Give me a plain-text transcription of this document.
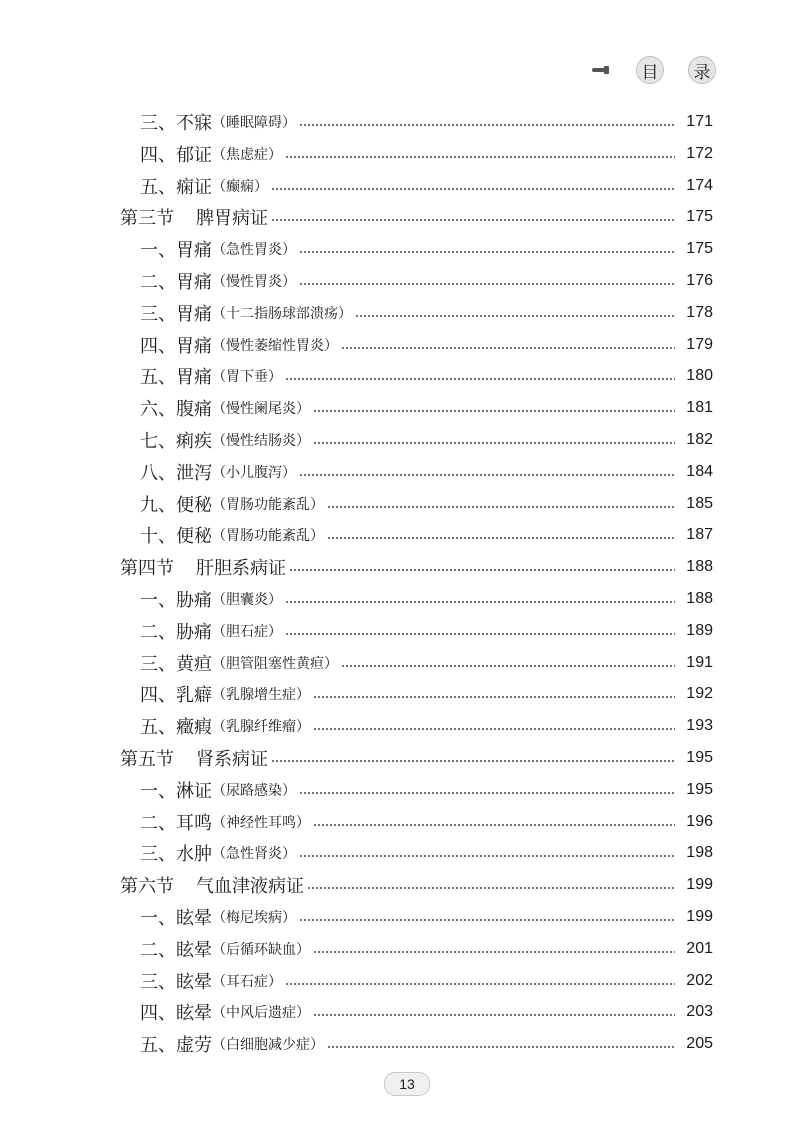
目	录
三、不寐 （睡眠障碍）	171
四、郁证 （焦虑症）	172
五、痫证 （癫痫）	174
第三节 脾胃病证	175
一、胃痛 （急性胃炎）	175
二、胃痛 （慢性胃炎）	176
三、胃痛 （十二指肠球部溃疡）	178
四、胃痛 （慢性萎缩性胃炎）	179
五、胃痛 （胃下垂）	180
六、腹痛 （慢性阑尾炎）	181
七、痢疾 （慢性结肠炎）	182
八、泄泻 （小儿腹泻）	184
九、便秘 （胃肠功能紊乱）	185
十、便秘 （胃肠功能紊乱）	187
第四节 肝胆系病证	188
一、胁痛 （胆囊炎）	188
二、胁痛 （胆石症）	189
三、黄疸 （胆管阻塞性黄疸）	191
四、乳癖 （乳腺增生症）	192
五、癥瘕 （乳腺纤维瘤）	193
第五节 肾系病证	195
一、淋证 （尿路感染）	195
二、耳鸣 （神经性耳鸣）	196
三、水肿 （急性肾炎）	198
第六节 气血津液病证	199
一、眩晕 （梅尼埃病）	199
二、眩晕 （后循环缺血）	201
三、眩晕 （耳石症）	202
四、眩晕 （中风后遗症）	203
五、虚劳 （白细胞减少症）	205
13
